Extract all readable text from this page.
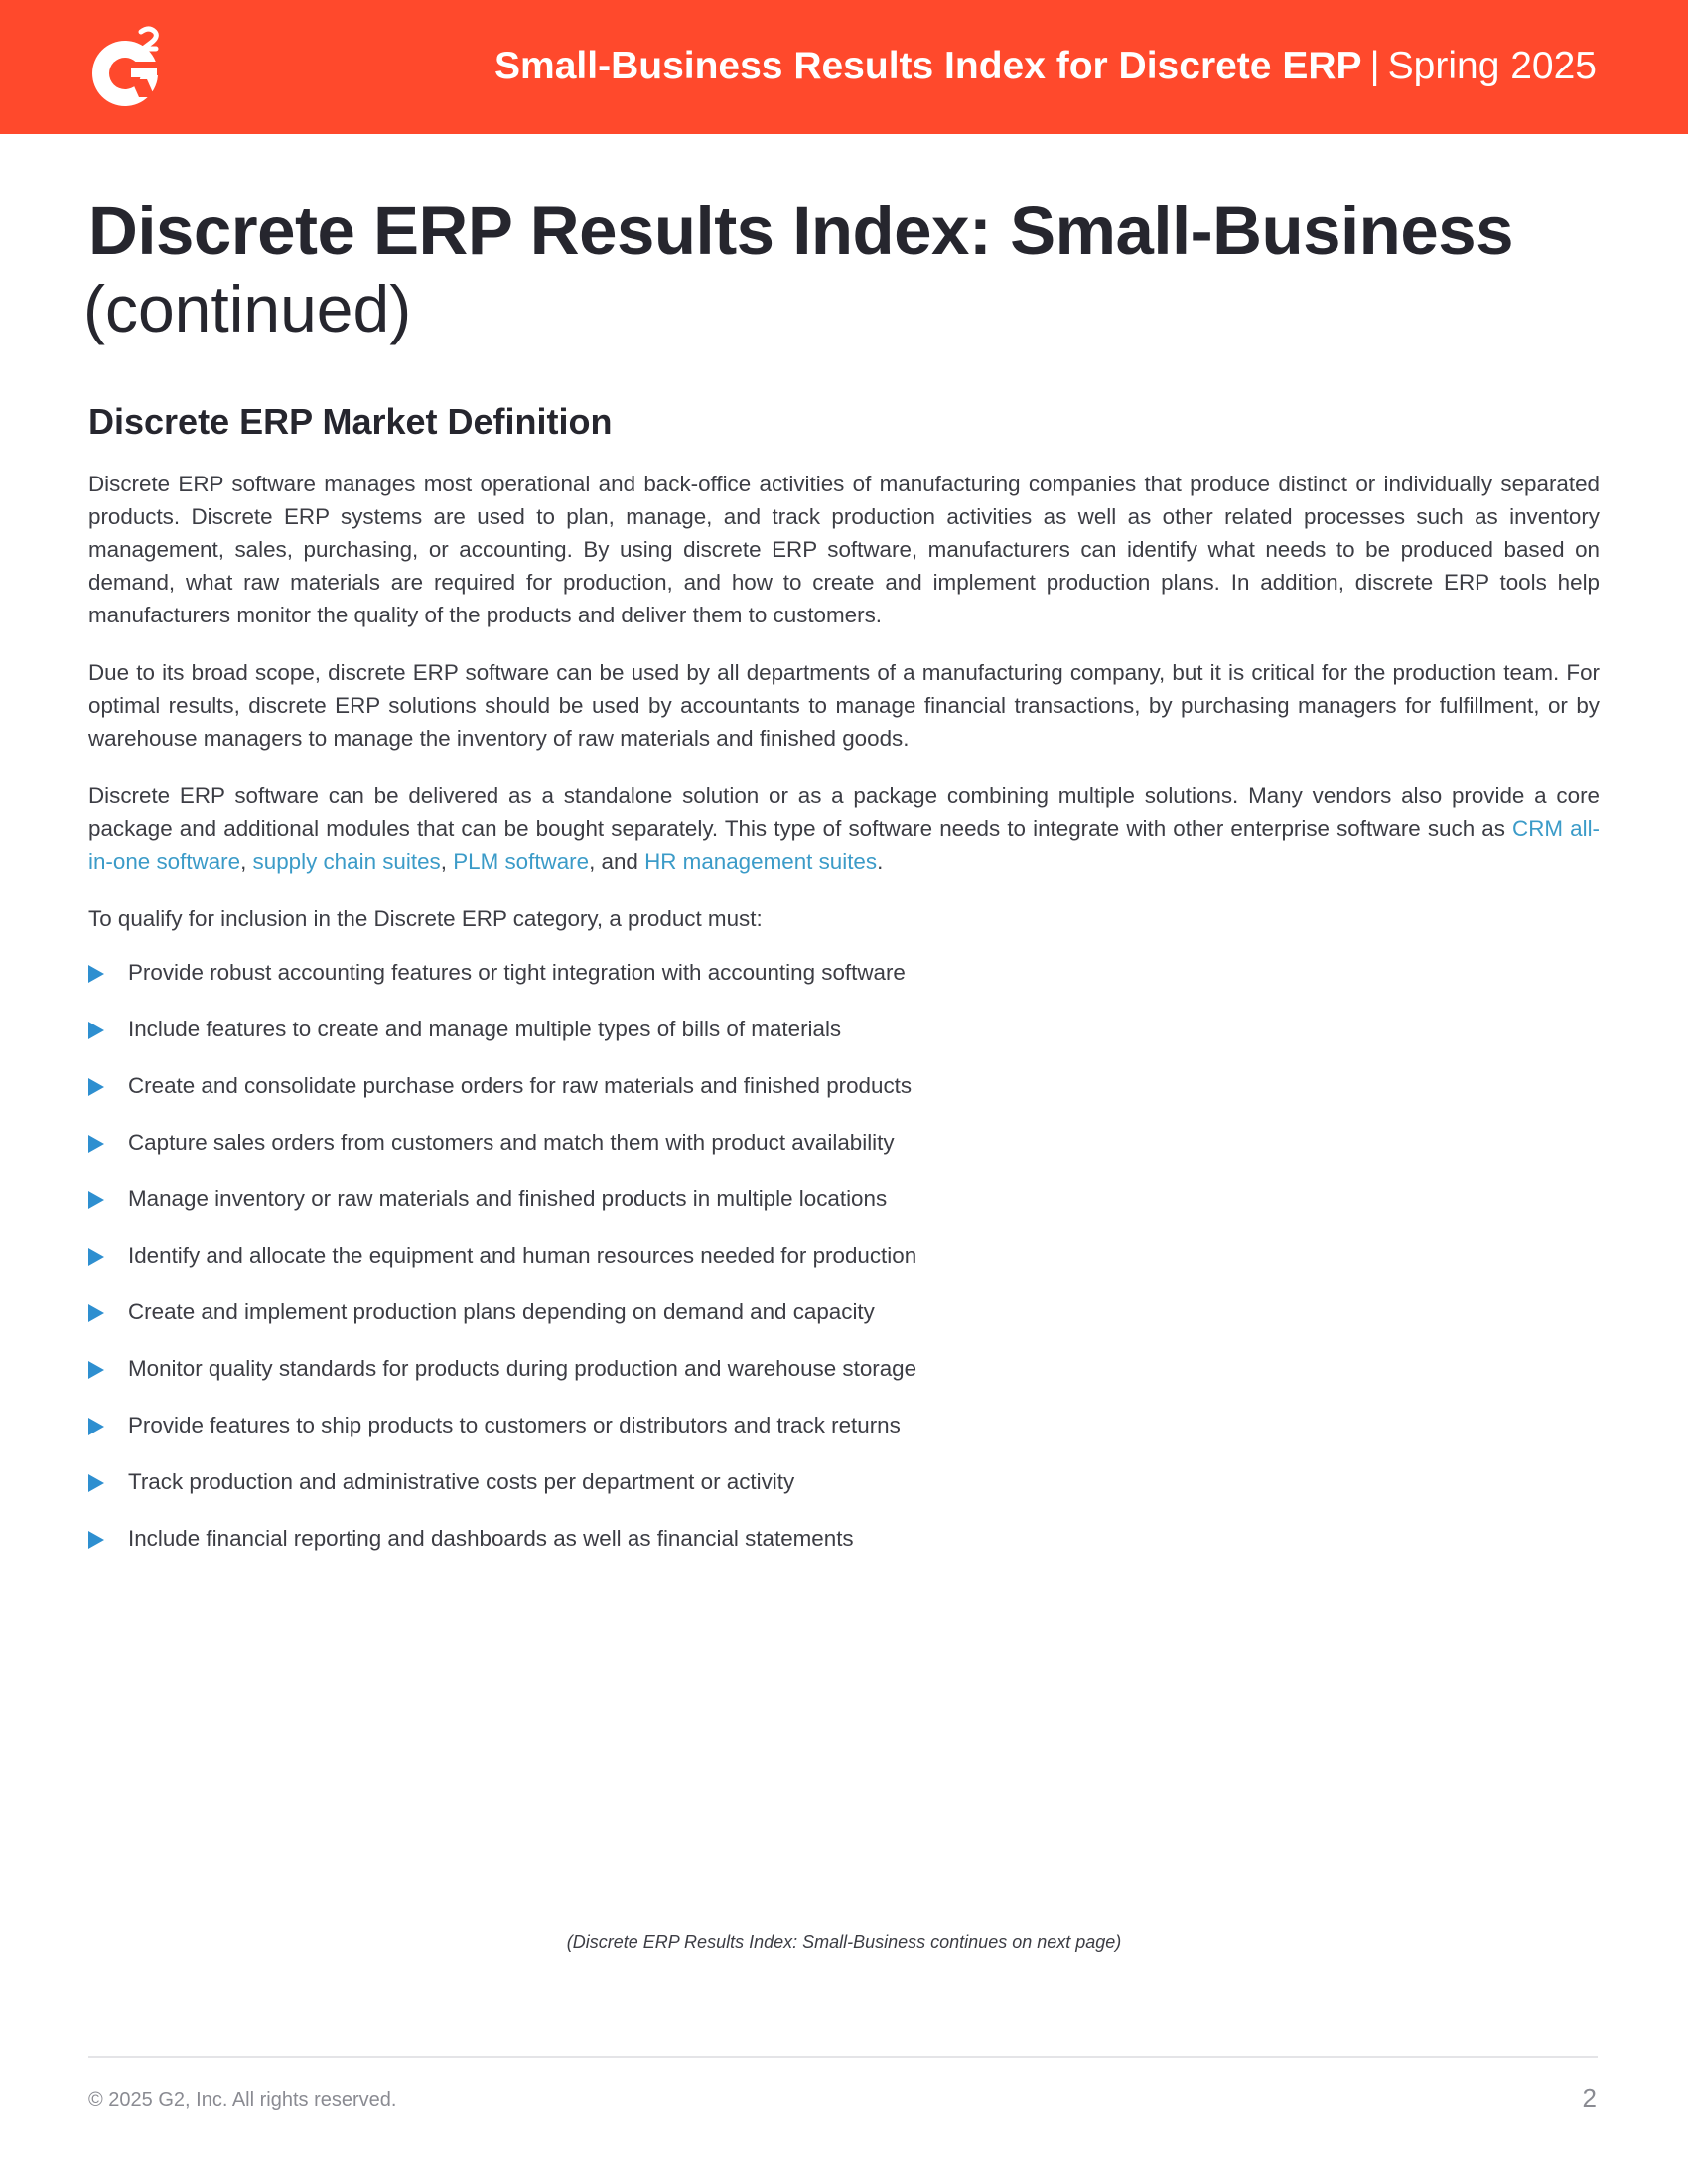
Small-Business Results Index for Discrete ERP | Spring 2025
Discrete ERP Results Index: Small-Business
(continued)
Discrete ERP Market Definition

Discrete ERP software manages most operational and back-office activities of manufacturing companies that produce distinct or individually separated products. Discrete ERP systems are used to plan, manage, and track production activities as well as other related processes such as inventory management, sales, purchasing, or accounting. By using discrete ERP software, manufacturers can identify what needs to be produced based on demand, what raw materials are required for production, and how to create and implement production plans. In addition, discrete ERP tools help manufacturers monitor the quality of the products and deliver them to customers.

Due to its broad scope, discrete ERP software can be used by all departments of a manufacturing company, but it is critical for the production team. For optimal results, discrete ERP solutions should be used by accountants to manage financial transactions, by purchasing managers for fulfillment, or by warehouse managers to manage the inventory of raw materials and finished goods.

Discrete ERP software can be delivered as a standalone solution or as a package combining multiple solutions. Many vendors also provide a core package and additional modules that can be bought separately. This type of software needs to integrate with other enterprise software such as CRM all-in-one software, supply chain suites, PLM software, and HR management suites.

To qualify for inclusion in the Discrete ERP category, a product must:

Provide robust accounting features or tight integration with accounting software
Include features to create and manage multiple types of bills of materials
Create and consolidate purchase orders for raw materials and finished products
Capture sales orders from customers and match them with product availability
Manage inventory or raw materials and finished products in multiple locations
Identify and allocate the equipment and human resources needed for production
Create and implement production plans depending on demand and capacity
Monitor quality standards for products during production and warehouse storage
Provide features to ship products to customers or distributors and track returns
Track production and administrative costs per department or activity
Include financial reporting and dashboards as well as financial statements
(Discrete ERP Results Index: Small-Business continues on next page)
© 2025 G2, Inc. All rights reserved.	2
